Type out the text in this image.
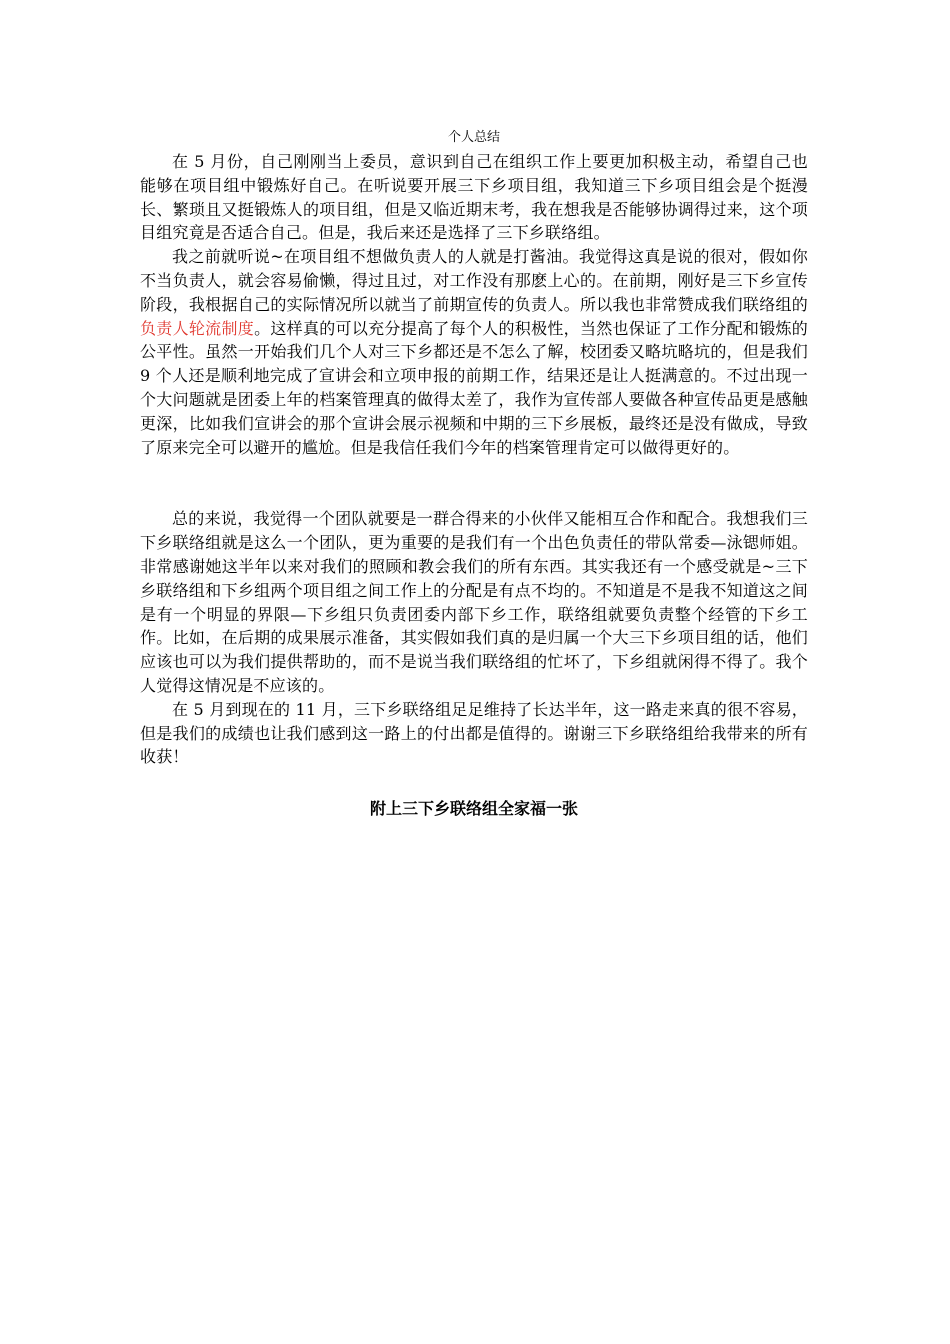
个人总结

在 5 月份，自己刚刚当上委员，意识到自己在组织工作上要更加积极主动，希望自己也能够在项目组中锻炼好自己。在听说要开展三下乡项目组，我知道三下乡项目组会是个挺漫长、繁琐且又挺锻炼人的项目组，但是又临近期末考，我在想我是否能够协调得过来，这个项目组究竟是否适合自己。但是，我后来还是选择了三下乡联络组。

我之前就听说~在项目组不想做负责人的人就是打酱油。我觉得这真是说的很对，假如你不当负责人，就会容易偷懒，得过且过，对工作没有那麽上心的。在前期，刚好是三下乡宣传阶段，我根据自己的实际情况所以就当了前期宣传的负责人。所以我也非常赞成我们联络组的负责人轮流制度。这样真的可以充分提高了每个人的积极性，当然也保证了工作分配和锻炼的公平性。虽然一开始我们几个人对三下乡都还是不怎么了解，校团委又略坑略坑的，但是我们 9 个人还是顺利地完成了宣讲会和立项申报的前期工作，结果还是让人挺满意的。不过出现一个大问题就是团委上年的档案管理真的做得太差了，我作为宣传部人要做各种宣传品更是感触更深，比如我们宣讲会的那个宣讲会展示视频和中期的三下乡展板，最终还是没有做成，导致了原来完全可以避开的尴尬。但是我信任我们今年的档案管理肯定可以做得更好的。

总的来说，我觉得一个团队就要是一群合得来的小伙伴又能相互合作和配合。我想我们三下乡联络组就是这么一个团队，更为重要的是我们有一个出色负责任的带队常委—泳锶师姐。非常感谢她这半年以来对我们的照顾和教会我们的所有东西。其实我还有一个感受就是~三下乡联络组和下乡组两个项目组之间工作上的分配是有点不均的。不知道是不是我不知道这之间是有一个明显的界限—下乡组只负责团委内部下乡工作，联络组就要负责整个经管的下乡工作。比如，在后期的成果展示准备，其实假如我们真的是归属一个大三下乡项目组的话，他们应该也可以为我们提供帮助的，而不是说当我们联络组的忙坏了，下乡组就闲得不得了。我个人觉得这情况是不应该的。

在 5 月到现在的 11 月，三下乡联络组足足维持了长达半年，这一路走来真的很不容易，但是我们的成绩也让我们感到这一路上的付出都是值得的。谢谢三下乡联络组给我带来的所有收获！

附上三下乡联络组全家福一张
